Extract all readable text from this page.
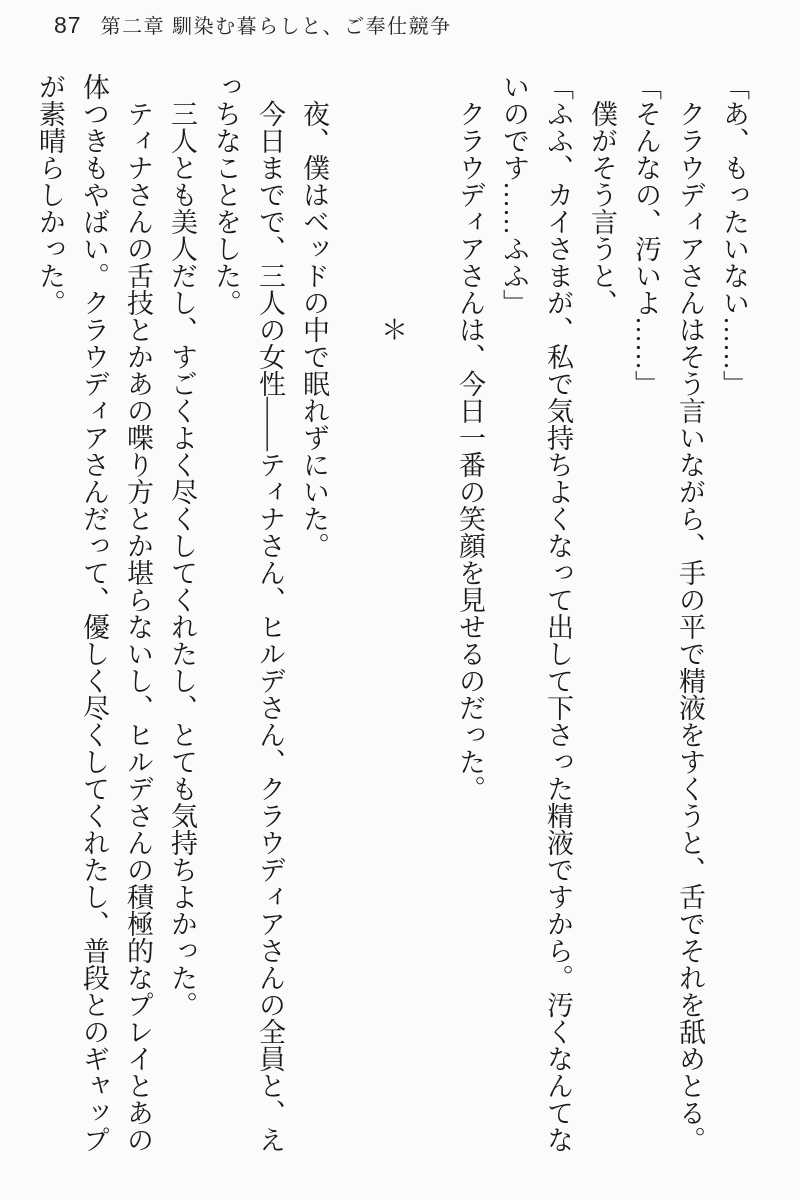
87 第二章 馴染む暮らしと、ご奉仕競争

「あ、もったいない……」

クラウディアさんはそう言いながら、手の平で精液をすくうと、舌でそれを舐めとる。

「そんなの、汚いよ……」

僕がそう言うと、

「ふふ、カイさまが、私で気持ちよくなって出して下さった精液ですから。汚くなんてないのです……ふふ」

クラウディアさんは、今日一番の笑顔を見せるのだった。

＊

夜、僕はベッドの中で眠れずにいた。

今日までで、三人の女性――ティナさん、ヒルデさん、クラウディアさんの全員と、えっちなことをした。

三人とも美人だし、すごくよく尽くしてくれたし、とても気持ちよかった。

ティナさんの舌技とかあの喋り方とか堪らないし、ヒルデさんの積極的なプレイとあの体つきもやばい。クラウディアさんだって、優しく尽くしてくれたし、普段とのギャップが素晴らしかった。
